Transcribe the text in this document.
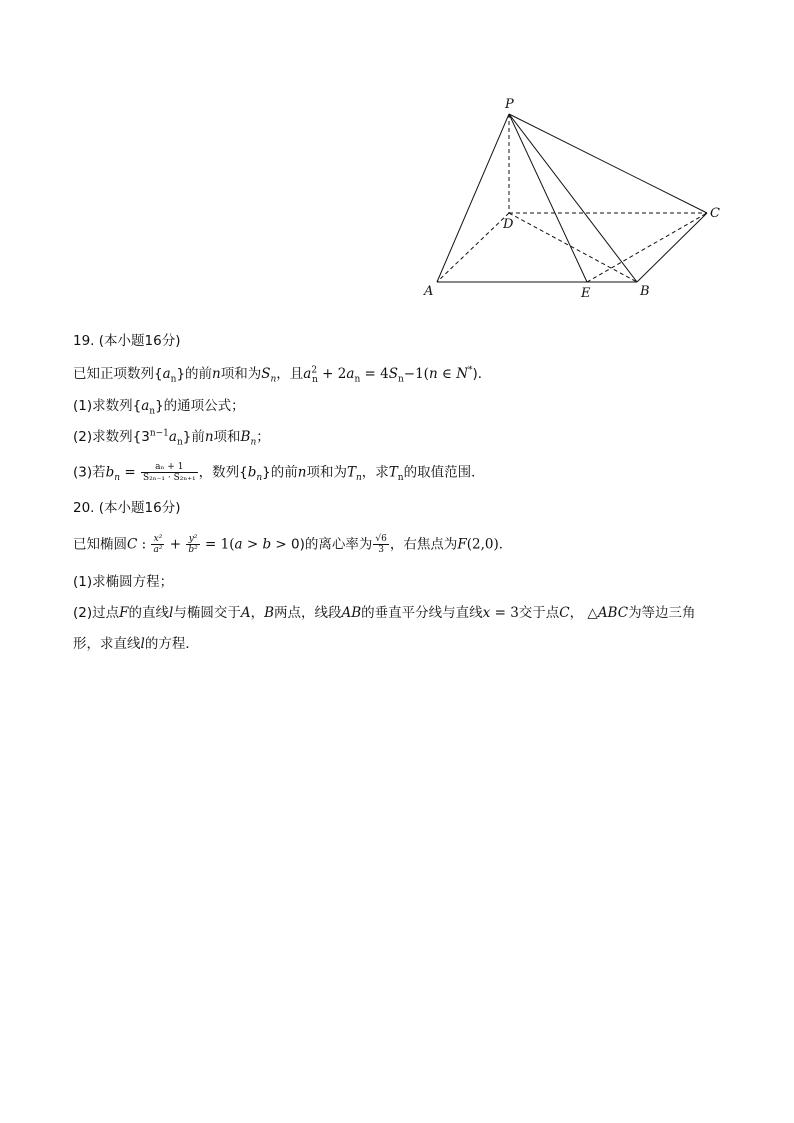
P
D
C
A	E	B
19. (本小题16分)
已知正项数列$\{a_n\}$的前n项和为$S_n$，且$a^2_n + 2a_n = 4S_n-1(n$ ∈ N*)．
(1)求数列$\{a_n\}$的通项公式；
(2)求数列$\{3^{n-1}a_n\}$前n项和$B_n$；
(3)若$b_n = \frac{\text{aₙ + 1}}{\text{S₂ₙ₋₁ · S₂ₙ₊₁}}$ ，数列$\{b_n\}$的前n项和为$T_n$，求$T_n$的取值范围．
20. (本小题16分)
已知椭圆C : $\frac{\text{x²}}{\text{a²}} + \frac{\text{y²}}{\text{b²}} = 1(a > b > 0)$的离心率为 $\frac{√6}{3}$ ，右焦点为F(2,0)．
(1)求椭圆方程；
(2)过点F的直线l与椭圆交于A，B两点，线段AB的垂直平分线与直线x = 3交于点C， △ABC为等边三角
形，求直线l的方程．
